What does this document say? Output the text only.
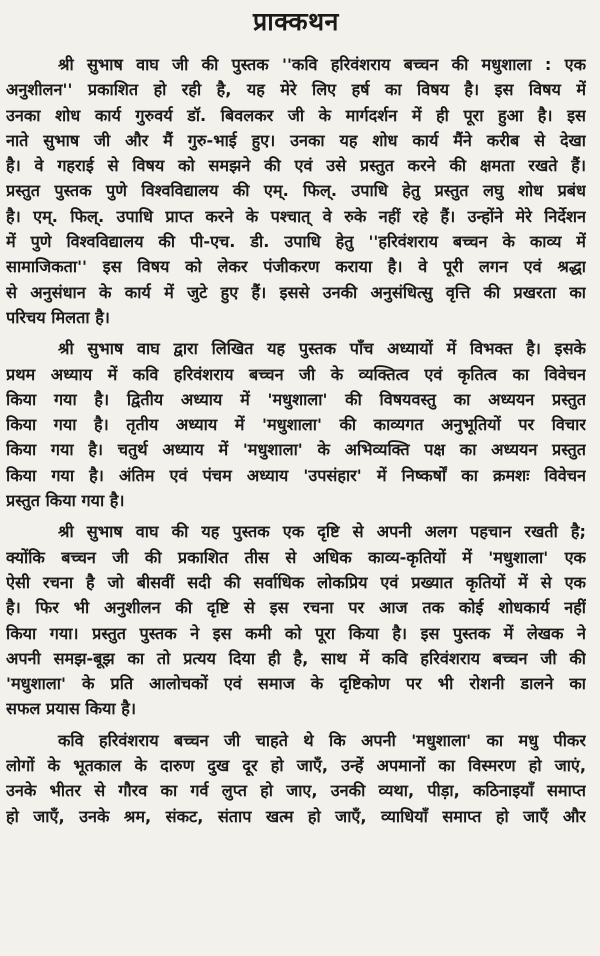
प्राक्कथन
श्री सुभाष वाघ जी की पुस्तक ''कवि हरिवंशराय बच्चन की मधुशाला : एक
अनुशीलन'' प्रकाशित हो रही है, यह मेरे लिए हर्ष का विषय है। इस विषय में
उनका शोध कार्य गुरुवर्य डॉ. बिवलकर जी के मार्गदर्शन में ही पूरा हुआ है। इस
नाते सुभाष जी और मैं गुरु-भाई हुए। उनका यह शोध कार्य मैंने करीब से देखा
है। वे गहराई से विषय को समझने की एवं उसे प्रस्तुत करने की क्षमता रखते हैं।
प्रस्तुत पुस्तक पुणे विश्वविद्यालय की एम्. फिल्. उपाधि हेतु प्रस्तुत लघु शोध प्रबंध
है। एम्. फिल्. उपाधि प्राप्त करने के पश्चात् वे रुके नहीं रहे हैं। उन्होंने मेरे निर्देशन
में पुणे विश्वविद्यालय की पी-एच. डी. उपाधि हेतु ''हरिवंशराय बच्चन के काव्य में
सामाजिकता'' इस विषय को लेकर पंजीकरण कराया है। वे पूरी लगन एवं श्रद्धा
से अनुसंधान के कार्य में जुटे हुए हैं। इससे उनकी अनुसंधित्सु वृत्ति की प्रखरता का
परिचय मिलता है।
श्री सुभाष वाघ द्वारा लिखित यह पुस्तक पाँच अध्यायों में विभक्त है। इसके
प्रथम अध्याय में कवि हरिवंशराय बच्चन जी के व्यक्तित्व एवं कृतित्व का विवेचन
किया गया है। द्वितीय अध्याय में 'मधुशाला' की विषयवस्तु का अध्ययन प्रस्तुत
किया गया है। तृतीय अध्याय में 'मधुशाला' की काव्यगत अनुभूतियों पर विचार
किया गया है। चतुर्थ अध्याय में 'मधुशाला' के अभिव्यक्ति पक्ष का अध्ययन प्रस्तुत
किया गया है। अंतिम एवं पंचम अध्याय 'उपसंहार' में निष्कर्षों का क्रमशः विवेचन
प्रस्तुत किया गया है।
श्री सुभाष वाघ की यह पुस्तक एक दृष्टि से अपनी अलग पहचान रखती है;
क्योंकि बच्चन जी की प्रकाशित तीस से अधिक काव्य-कृतियों में 'मधुशाला' एक
ऐसी रचना है जो बीसवीं सदी की सर्वाधिक लोकप्रिय एवं प्रख्यात कृतियों में से एक
है। फिर भी अनुशीलन की दृष्टि से इस रचना पर आज तक कोई शोधकार्य नहीं
किया गया। प्रस्तुत पुस्तक ने इस कमी को पूरा किया है। इस पुस्तक में लेखक ने
अपनी समझ-बूझ का तो प्रत्यय दिया ही है, साथ में कवि हरिवंशराय बच्चन जी की
'मधुशाला' के प्रति आलोचकों एवं समाज के दृष्टिकोण पर भी रोशनी डालने का
सफल प्रयास किया है।
कवि हरिवंशराय बच्चन जी चाहते थे कि अपनी 'मधुशाला' का मधु पीकर
लोगों के भूतकाल के दारुण दुख दूर हो जाएँ, उन्हें अपमानों का विस्मरण हो जाएं,
उनके भीतर से गौरव का गर्व लुप्त हो जाए, उनकी व्यथा, पीड़ा, कठिनाइयाँ समाप्त
हो जाएँ, उनके श्रम, संकट, संताप खत्म हो जाएँ, व्याधियाँ समाप्त हो जाएँ और
